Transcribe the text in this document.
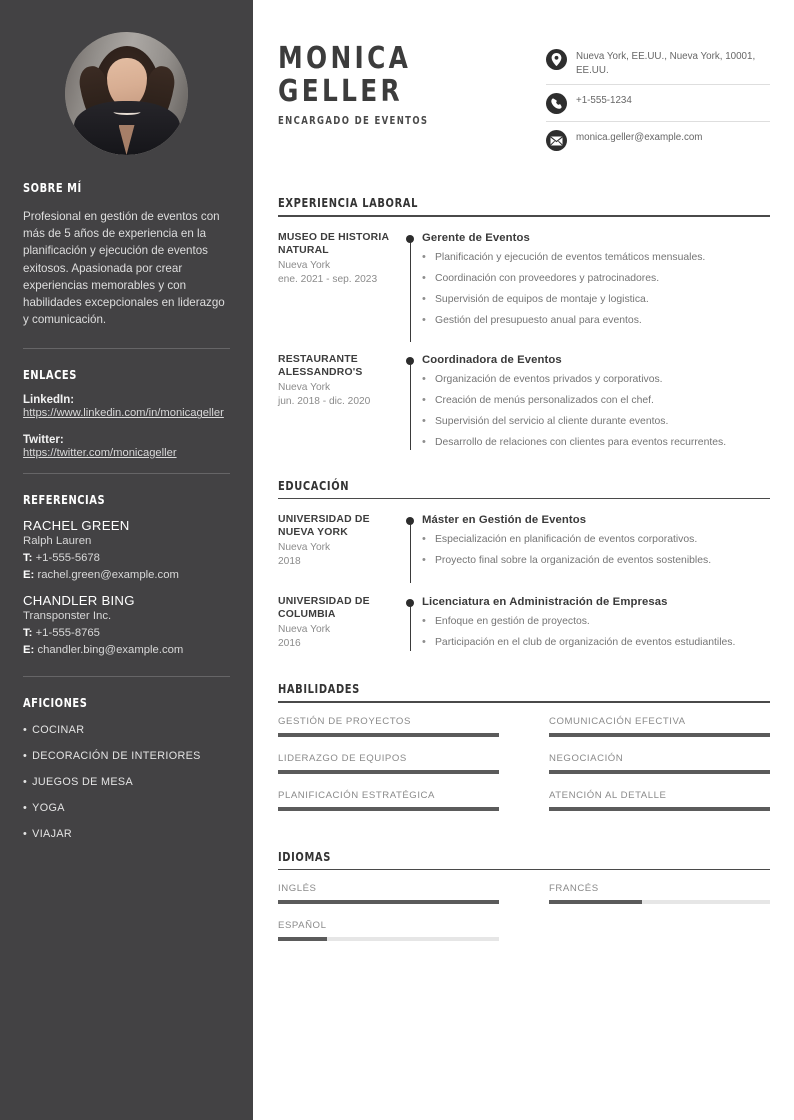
SOBRE MÍ

Profesional en gestión de eventos con más de 5 años de experiencia en la planificación y ejecución de eventos exitosos. Apasionada por crear experiencias memorables y con habilidades excepcionales en liderazgo y comunicación.

ENLACES
LinkedIn:
https://www.linkedin.com/in/monicageller
Twitter:
https://twitter.com/monicageller
REFERENCIAS
RACHEL GREEN
Ralph Lauren
T: +1-555-5678
E: rachel.green@example.com
CHANDLER BING
Transponster Inc.
T: +1-555-8765
E: chandler.bing@example.com
AFICIONES
• COCINAR
• DECORACIÓN DE INTERIORES
• JUEGOS DE MESA
• YOGA
• VIAJAR
MONICA
GELLER
ENCARGADO DE EVENTOS
Nueva York, EE.UU., Nueva York, 10001, EE.UU.
+1-555-1234
monica.geller@example.com
EXPERIENCIA LABORAL
MUSEO DE HISTORIA NATURAL
Nueva York
ene. 2021 - sep. 2023
Gerente de Eventos
• Planificación y ejecución de eventos temáticos mensuales.
• Coordinación con proveedores y patrocinadores.
• Supervisión de equipos de montaje y logistica.
• Gestión del presupuesto anual para eventos.
RESTAURANTE ALESSANDRO'S
Nueva York
jun. 2018 - dic. 2020
Coordinadora de Eventos
• Organización de eventos privados y corporativos.
• Creación de menús personalizados con el chef.
• Supervisión del servicio al cliente durante eventos.
• Desarrollo de relaciones con clientes para eventos recurrentes.
EDUCACIÓN
UNIVERSIDAD DE NUEVA YORK
Nueva York
2018
Máster en Gestión de Eventos
• Especialización en planificación de eventos corporativos.
• Proyecto final sobre la organización de eventos sostenibles.
UNIVERSIDAD DE COLUMBIA
Nueva York
2016
Licenciatura en Administración de Empresas
• Enfoque en gestión de proyectos.
• Participación en el club de organización de eventos estudiantiles.
HABILIDADES
GESTIÓN DE PROYECTOS	COMUNICACIÓN EFECTIVA
LIDERAZGO DE EQUIPOS	NEGOCIACIÓN
PLANIFICACIÓN ESTRATÉGICA	ATENCIÓN AL DETALLE
IDIOMAS
INGLÉS	FRANCÉS
ESPAÑOL
